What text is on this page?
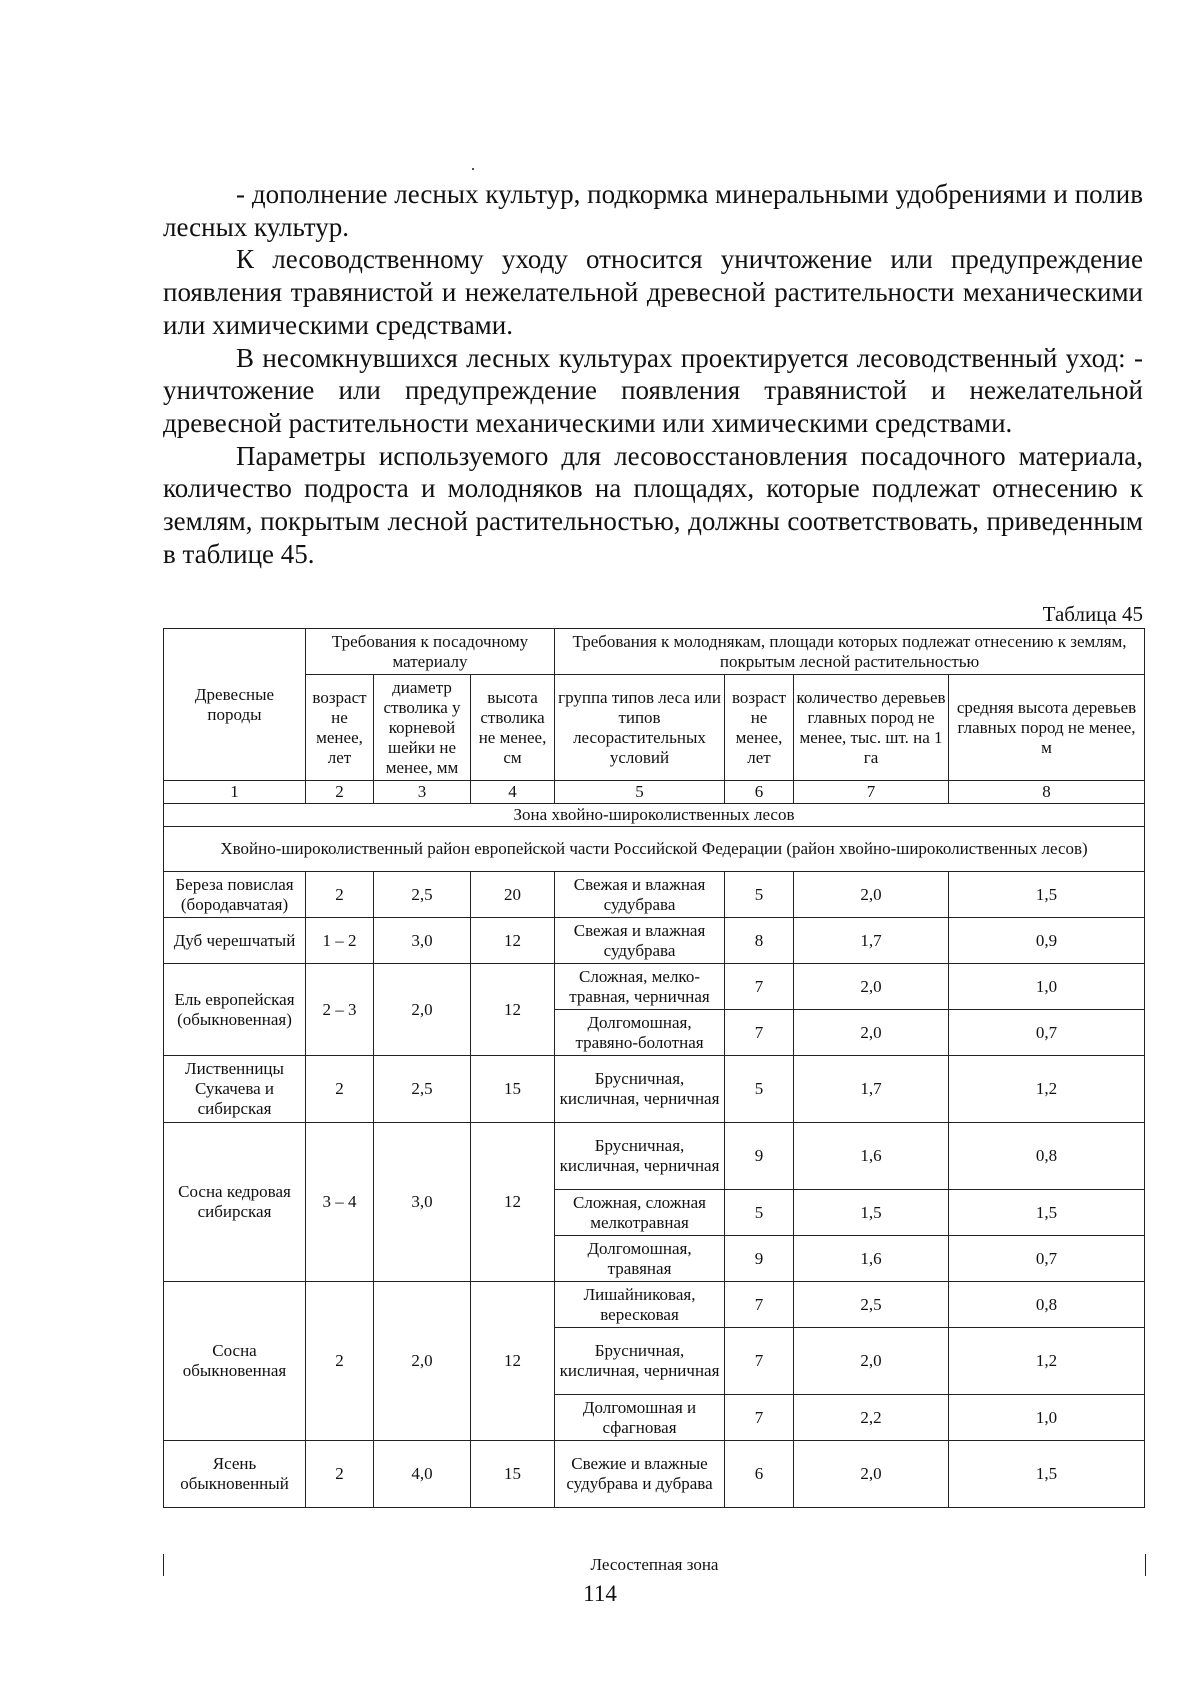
- дополнение лесных культур, подкормка минеральными удобрениями и полив лесных культур.

К лесоводственному уходу относится уничтожение или предупреждение появления травянистой и нежелательной древесной растительности механическими или химическими средствами.

В несомкнувшихся лесных культурах проектируется лесоводственный уход: - уничтожение или предупреждение появления травянистой и нежелательной древесной растительности механическими или химическими средствами.

Параметры используемого для лесовосстановления посадочного материала, количество подроста и молодняков на площадях, которые подлежат отнесению к землям, покрытым лесной растительностью, должны соответствовать, приведенным в таблице 45.

Таблица 45
Древесные породы	Требования к посадочному материалу			Требования к молоднякам, площади которых подлежат отнесению к землям, покрытым лесной растительностью			
	возраст не менее, лет	диаметр стволика у корневой шейки не менее, мм	высота стволика не менее, см	группа типов леса или типов лесорастительных условий	возраст не менее, лет	количество деревьев главных пород не менее, тыс. шт. на 1 га	средняя высота деревьев главных пород не менее, м
1	2	3	4	5	6	7	8
Зона хвойно-широколиственных лесов							
Хвойно-широколиственный район европейской части Российской Федерации (район хвойно-широколиственных лесов)							
Береза повислая (бородавчатая)	2	2,5	20	Свежая и влажная судубрава	5	2,0	1,5
Дуб черешчатый	1 – 2	3,0	12	Свежая и влажная судубрава	8	1,7	0,9
Ель европейская (обыкновенная)	2 – 3	2,0	12	Сложная, мелко-травная, черничная	7	2,0	1,0
				Долгомошная, травяно-болотная	7	2,0	0,7
Лиственницы Сукачева и сибирская	2	2,5	15	Брусничная, кисличная, черничная	5	1,7	1,2
Сосна кедровая сибирская	3 – 4	3,0	12	Брусничная, кисличная, черничная	9	1,6	0,8
				Сложная, сложная мелкотравная	5	1,5	1,5
				Долгомошная, травяная	9	1,6	0,7
Сосна обыкновенная	2	2,0	12	Лишайниковая, вересковая	7	2,5	0,8
				Брусничная, кисличная, черничная	7	2,0	1,2
				Долгомошная и сфагновая	7	2,2	1,0
Ясень обыкновенный	2	4,0	15	Свежие и влажные судубрава и дубрава	6	2,0	1,5
Лесостепная зона
114
